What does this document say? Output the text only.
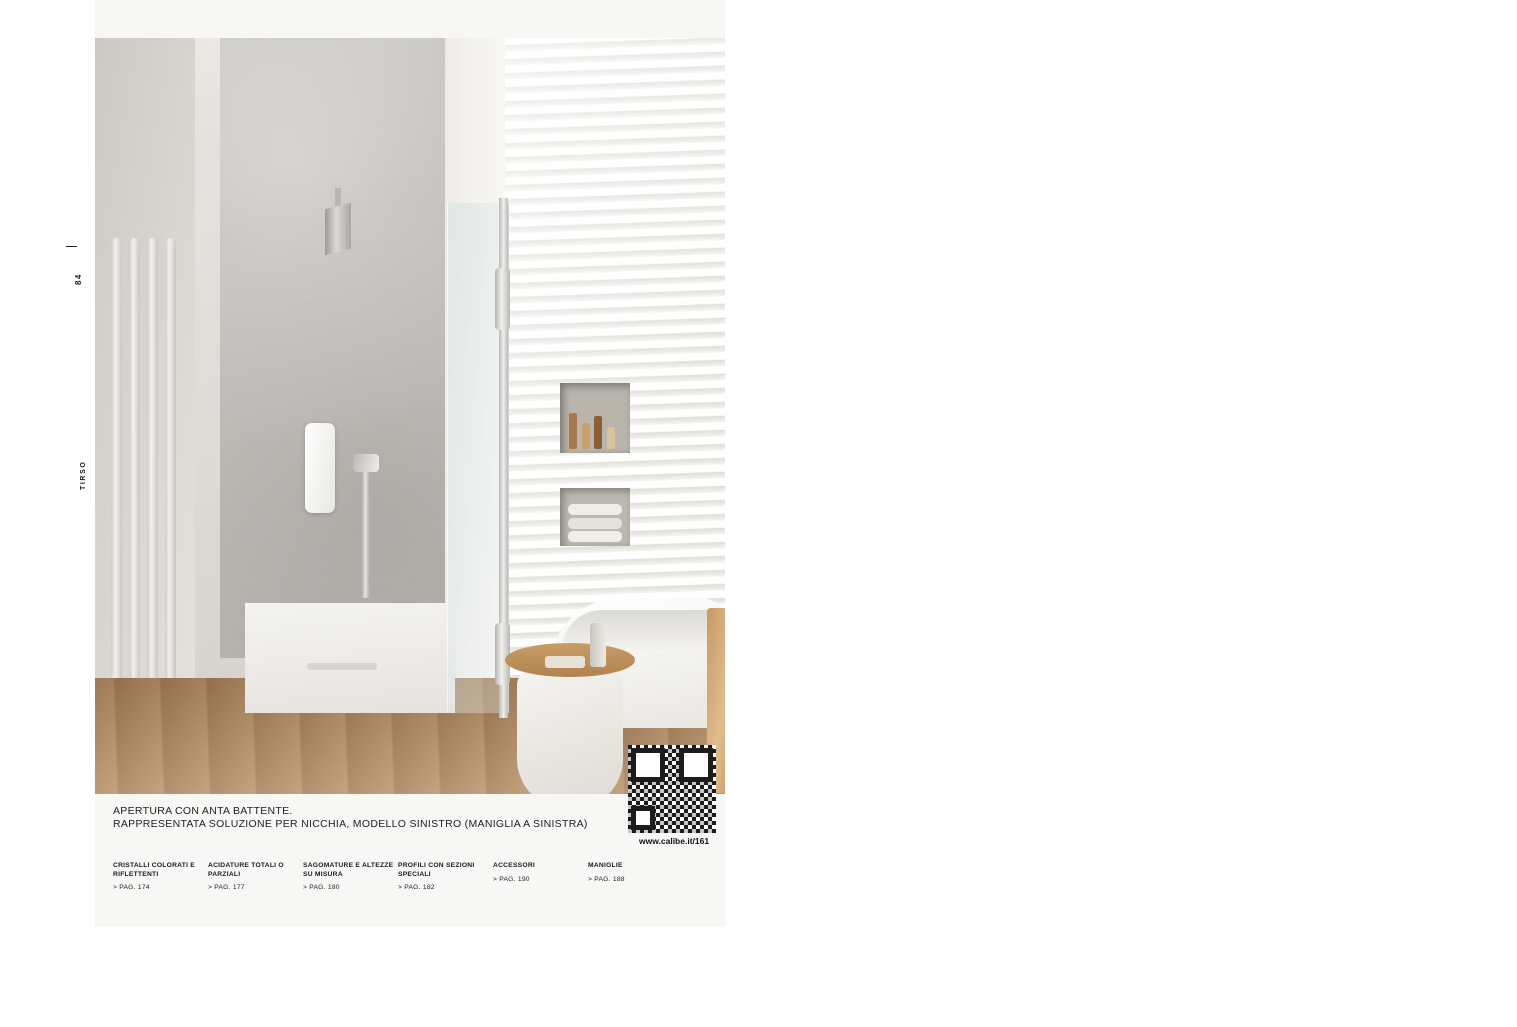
APERTURA CON ANTA BATTENTE.
RAPPRESENTATA SOLUZIONE PER NICCHIA, MODELLO SINISTRO (MANIGLIA A SINISTRA)
www.calibe.it/161
CRISTALLI COLORATI E RIFLETTENTI
> PAG. 174
ACIDATURE TOTALI O PARZIALI
> PAG. 177
SAGOMATURE E ALTEZZE SU MISURA
> PAG. 180
PROFILI CON SEZIONI SPECIALI
> PAG. 182
ACCESSORI
> PAG. 190
MANIGLIE
> PAG. 188
84
TIRSO
